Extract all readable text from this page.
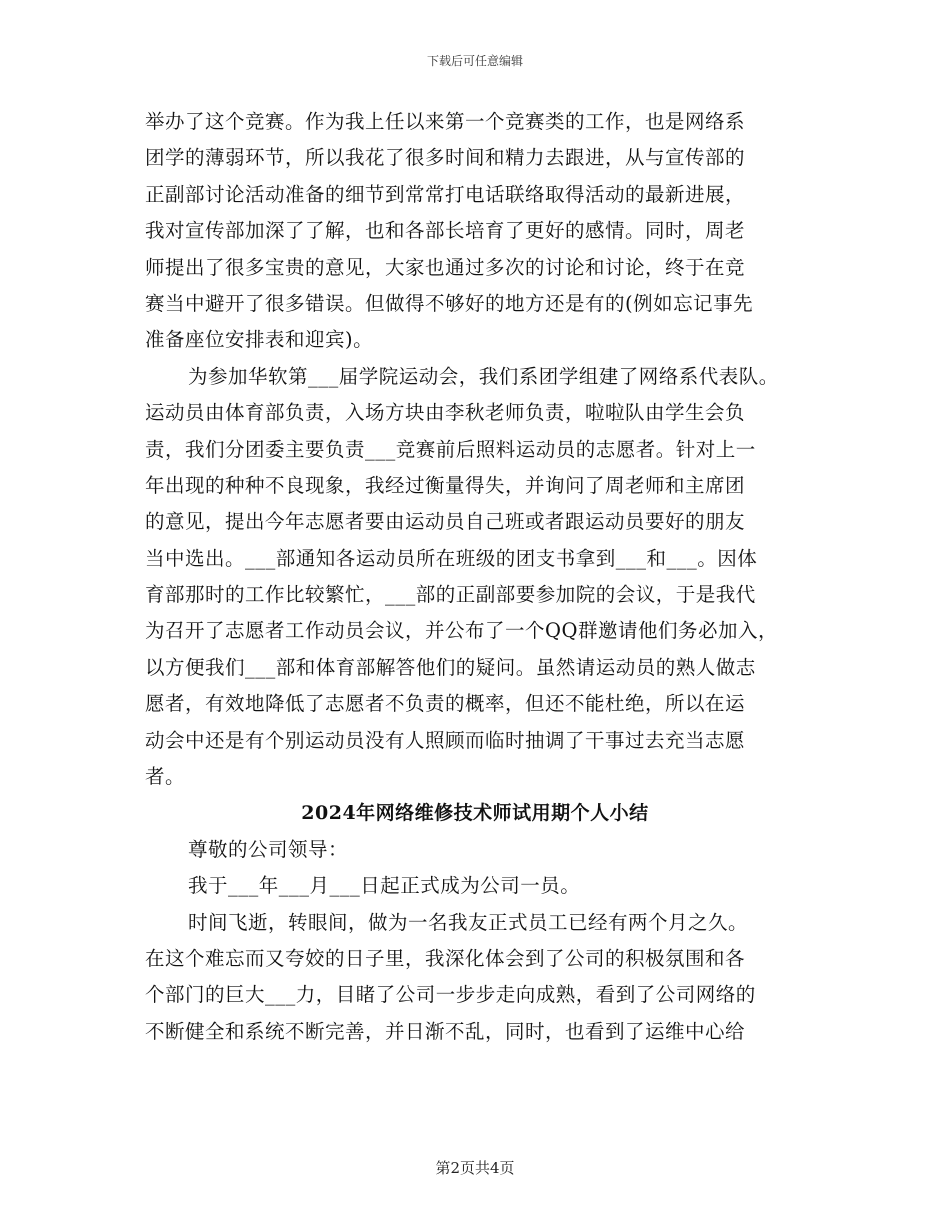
下载后可任意编辑
举办了这个竞赛。作为我上任以来第一个竞赛类的工作，也是网络系
团学的薄弱环节，所以我花了很多时间和精力去跟进，从与宣传部的
正副部讨论活动准备的细节到常常打电话联络取得活动的最新进展，
我对宣传部加深了了解，也和各部长培育了更好的感情。同时，周老
师提出了很多宝贵的意见，大家也通过多次的讨论和讨论，终于在竞
赛当中避开了很多错误。但做得不够好的地方还是有的(例如忘记事先
准备座位安排表和迎宾)。
为参加华软第___届学院运动会，我们系团学组建了网络系代表队。
运动员由体育部负责，入场方块由李秋老师负责，啦啦队由学生会负
责，我们分团委主要负责___竞赛前后照料运动员的志愿者。针对上一
年出现的种种不良现象，我经过衡量得失，并询问了周老师和主席团
的意见，提出今年志愿者要由运动员自己班或者跟运动员要好的朋友
当中选出。___部通知各运动员所在班级的团支书拿到___和___。因体
育部那时的工作比较繁忙，___部的正副部要参加院的会议，于是我代
为召开了志愿者工作动员会议，并公布了一个QQ群邀请他们务必加入，
以方便我们___部和体育部解答他们的疑问。虽然请运动员的熟人做志
愿者，有效地降低了志愿者不负责的概率，但还不能杜绝，所以在运
动会中还是有个别运动员没有人照顾而临时抽调了干事过去充当志愿
者。
2024年网络维修技术师试用期个人小结
尊敬的公司领导：
我于___年___月___日起正式成为公司一员。
时间飞逝，转眼间，做为一名我友正式员工已经有两个月之久。
在这个难忘而又夸姣的日子里，我深化体会到了公司的积极氛围和各
个部门的巨大___力，目睹了公司一步步走向成熟，看到了公司网络的
不断健全和系统不断完善，并日渐不乱，同时，也看到了运维中心给
第2页共4页
